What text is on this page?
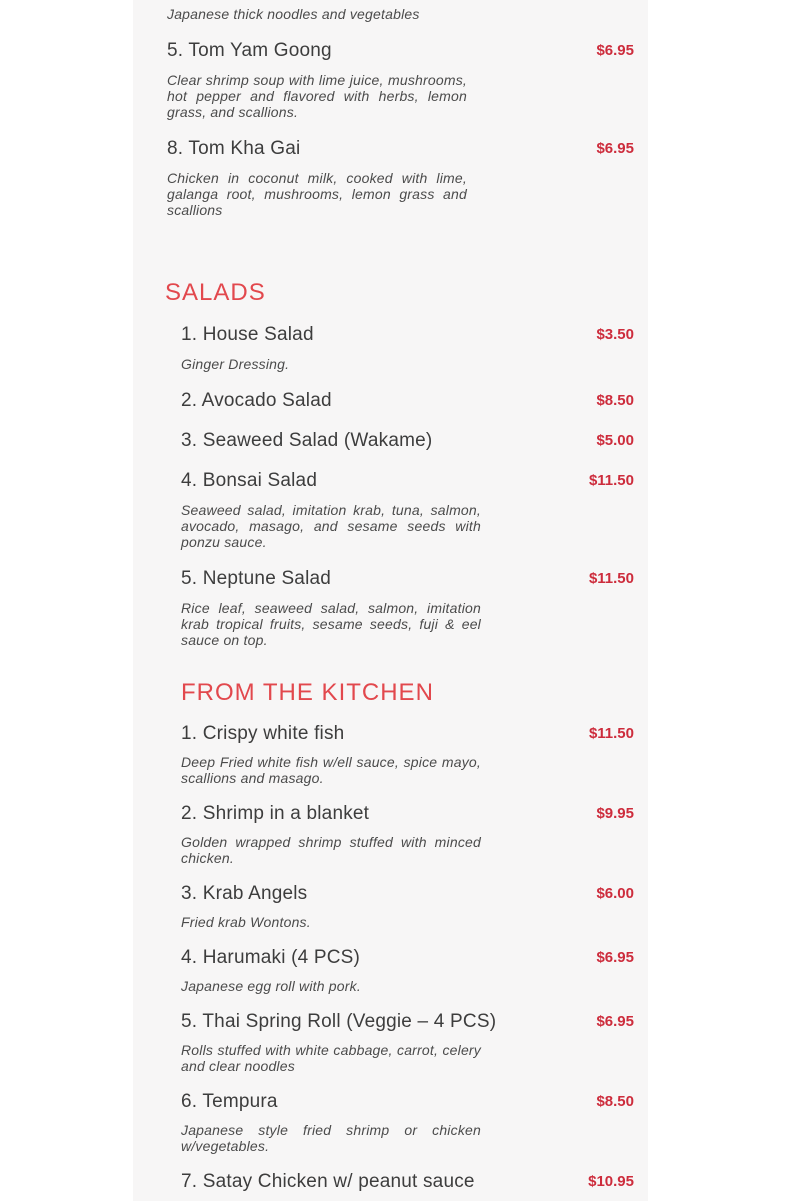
Japanese thick noodles and vegetables

5. Tom Yam Goong	$6.95

Clear shrimp soup with lime juice, mushrooms, hot pepper and flavored with herbs, lemon grass, and scallions.

8. Tom Kha Gai	$6.95

Chicken in coconut milk, cooked with lime, galanga root, mushrooms, lemon grass and scallions

SALADS
1. House Salad	$3.50

Ginger Dressing.

2. Avocado Salad	$8.50
3. Seaweed Salad (Wakame)	$5.00
4. Bonsai Salad	$11.50

Seaweed salad, imitation krab, tuna, salmon, avocado, masago, and sesame seeds with ponzu sauce.

5. Neptune Salad	$11.50

Rice leaf, seaweed salad, salmon, imitation krab tropical fruits, sesame seeds, fuji & eel sauce on top.

FROM THE KITCHEN
1. Crispy white fish	$11.50

Deep Fried white fish w/ell sauce, spice mayo, scallions and masago.

2. Shrimp in a blanket	$9.95

Golden wrapped shrimp stuffed with minced chicken.

3. Krab Angels	$6.00

Fried krab Wontons.

4. Harumaki (4 PCS)	$6.95

Japanese egg roll with pork.

5. Thai Spring Roll (Veggie – 4 PCS)	$6.95

Rolls stuffed with white cabbage, carrot, celery and clear noodles

6. Tempura	$8.50

Japanese style fried shrimp or chicken w/vegetables.

7. Satay Chicken w/ peanut sauce	$10.95
